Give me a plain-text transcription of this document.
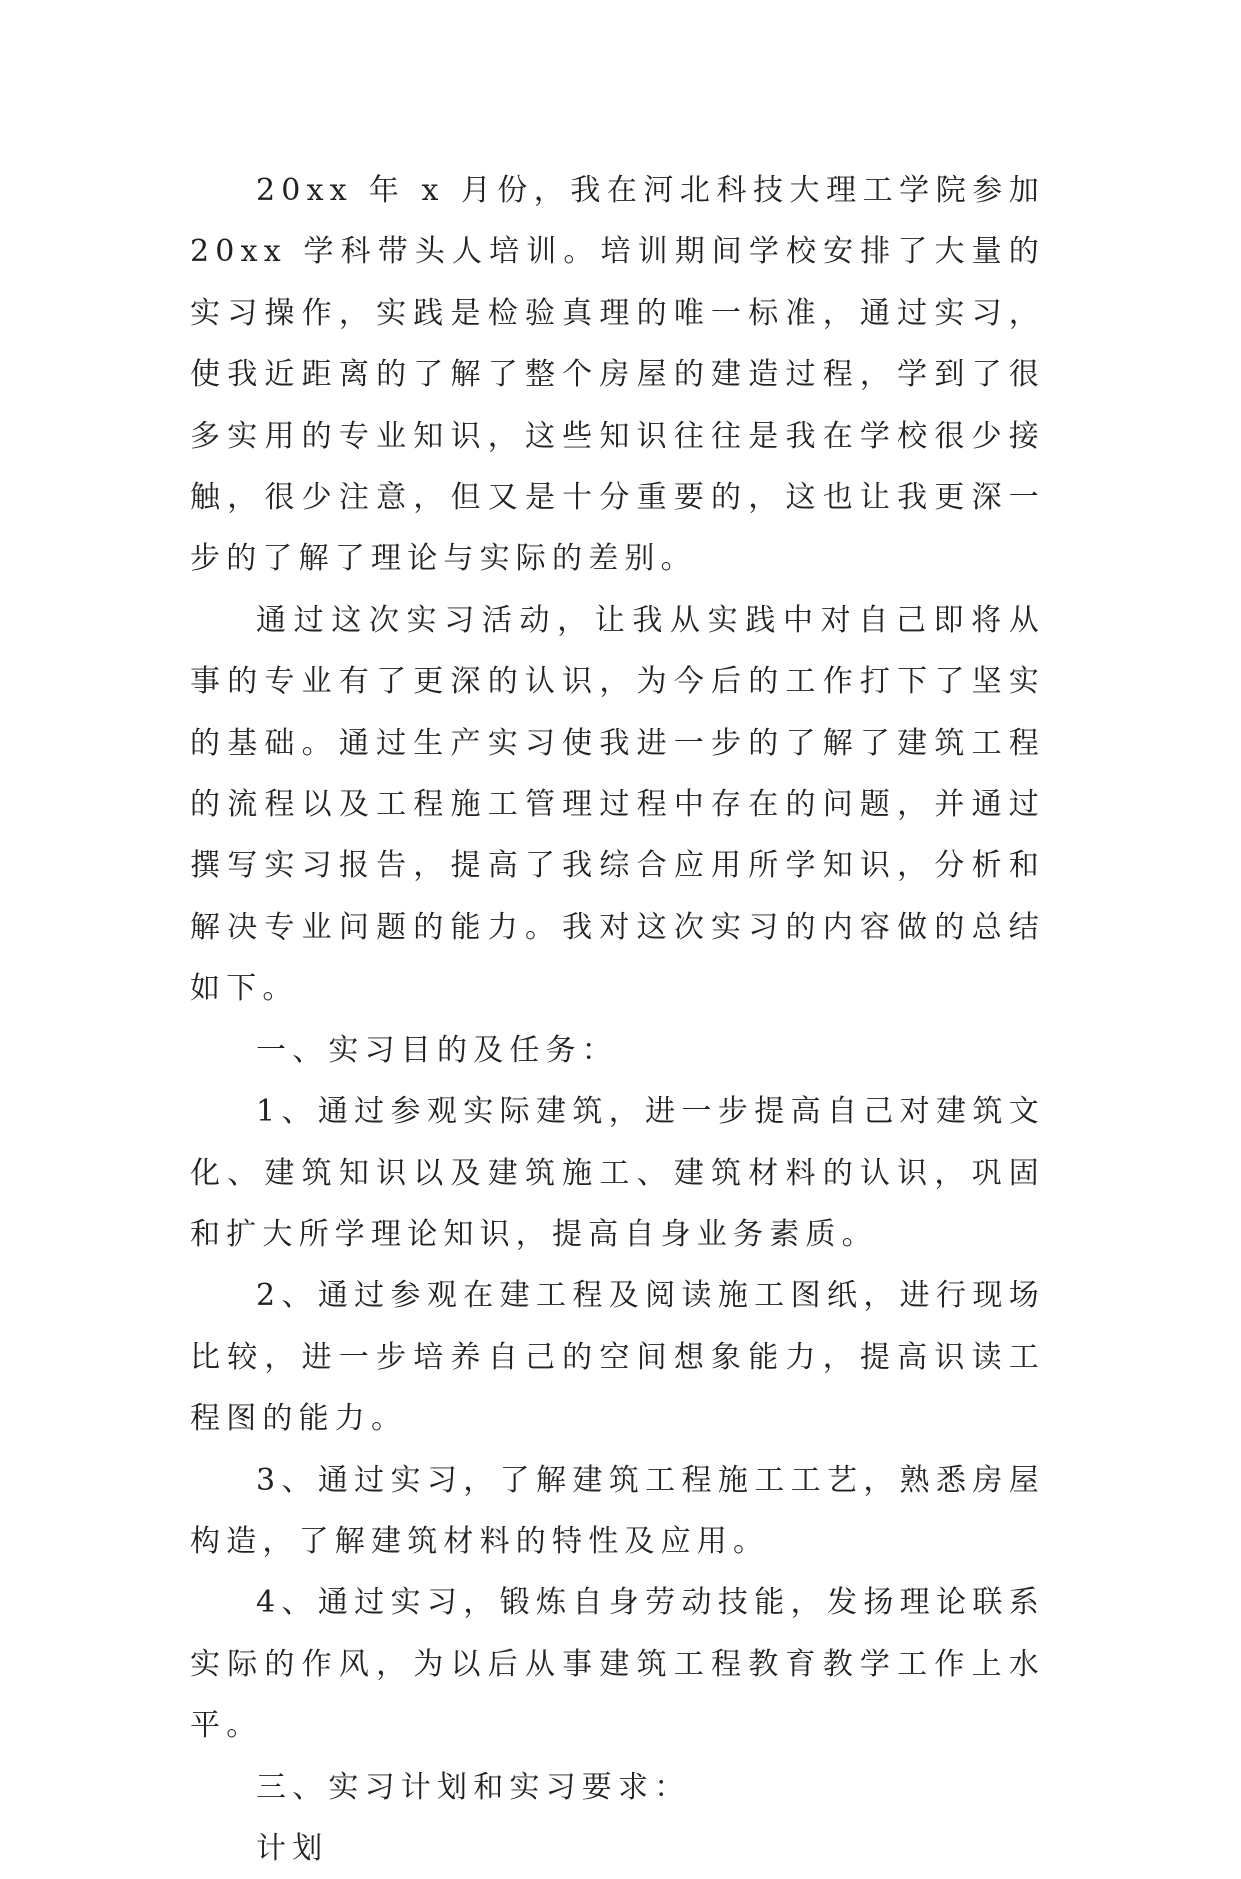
20xx 年 x 月份，我在河北科技大理工学院参加 20xx 学科带头人培训。培训期间学校安排了大量的实习操作，实践是检验真理的唯一标准，通过实习，使我近距离的了解了整个房屋的建造过程，学到了很多实用的专业知识，这些知识往往是我在学校很少接触，很少注意，但又是十分重要的，这也让我更深一步的了解了理论与实际的差别。

通过这次实习活动，让我从实践中对自己即将从事的专业有了更深的认识，为今后的工作打下了坚实的基础。通过生产实习使我进一步的了解了建筑工程的流程以及工程施工管理过程中存在的问题，并通过撰写实习报告，提高了我综合应用所学知识，分析和解决专业问题的能力。我对这次实习的内容做的总结如下。

一、实习目的及任务：

1、通过参观实际建筑，进一步提高自己对建筑文化、建筑知识以及建筑施工、建筑材料的认识，巩固和扩大所学理论知识，提高自身业务素质。

2、通过参观在建工程及阅读施工图纸，进行现场比较，进一步培养自己的空间想象能力，提高识读工程图的能力。

3、通过实习，了解建筑工程施工工艺，熟悉房屋构造，了解建筑材料的特性及应用。

4、通过实习，锻炼自身劳动技能，发扬理论联系实际的作风，为以后从事建筑工程教育教学工作上水平。

三、实习计划和实习要求：

计划
